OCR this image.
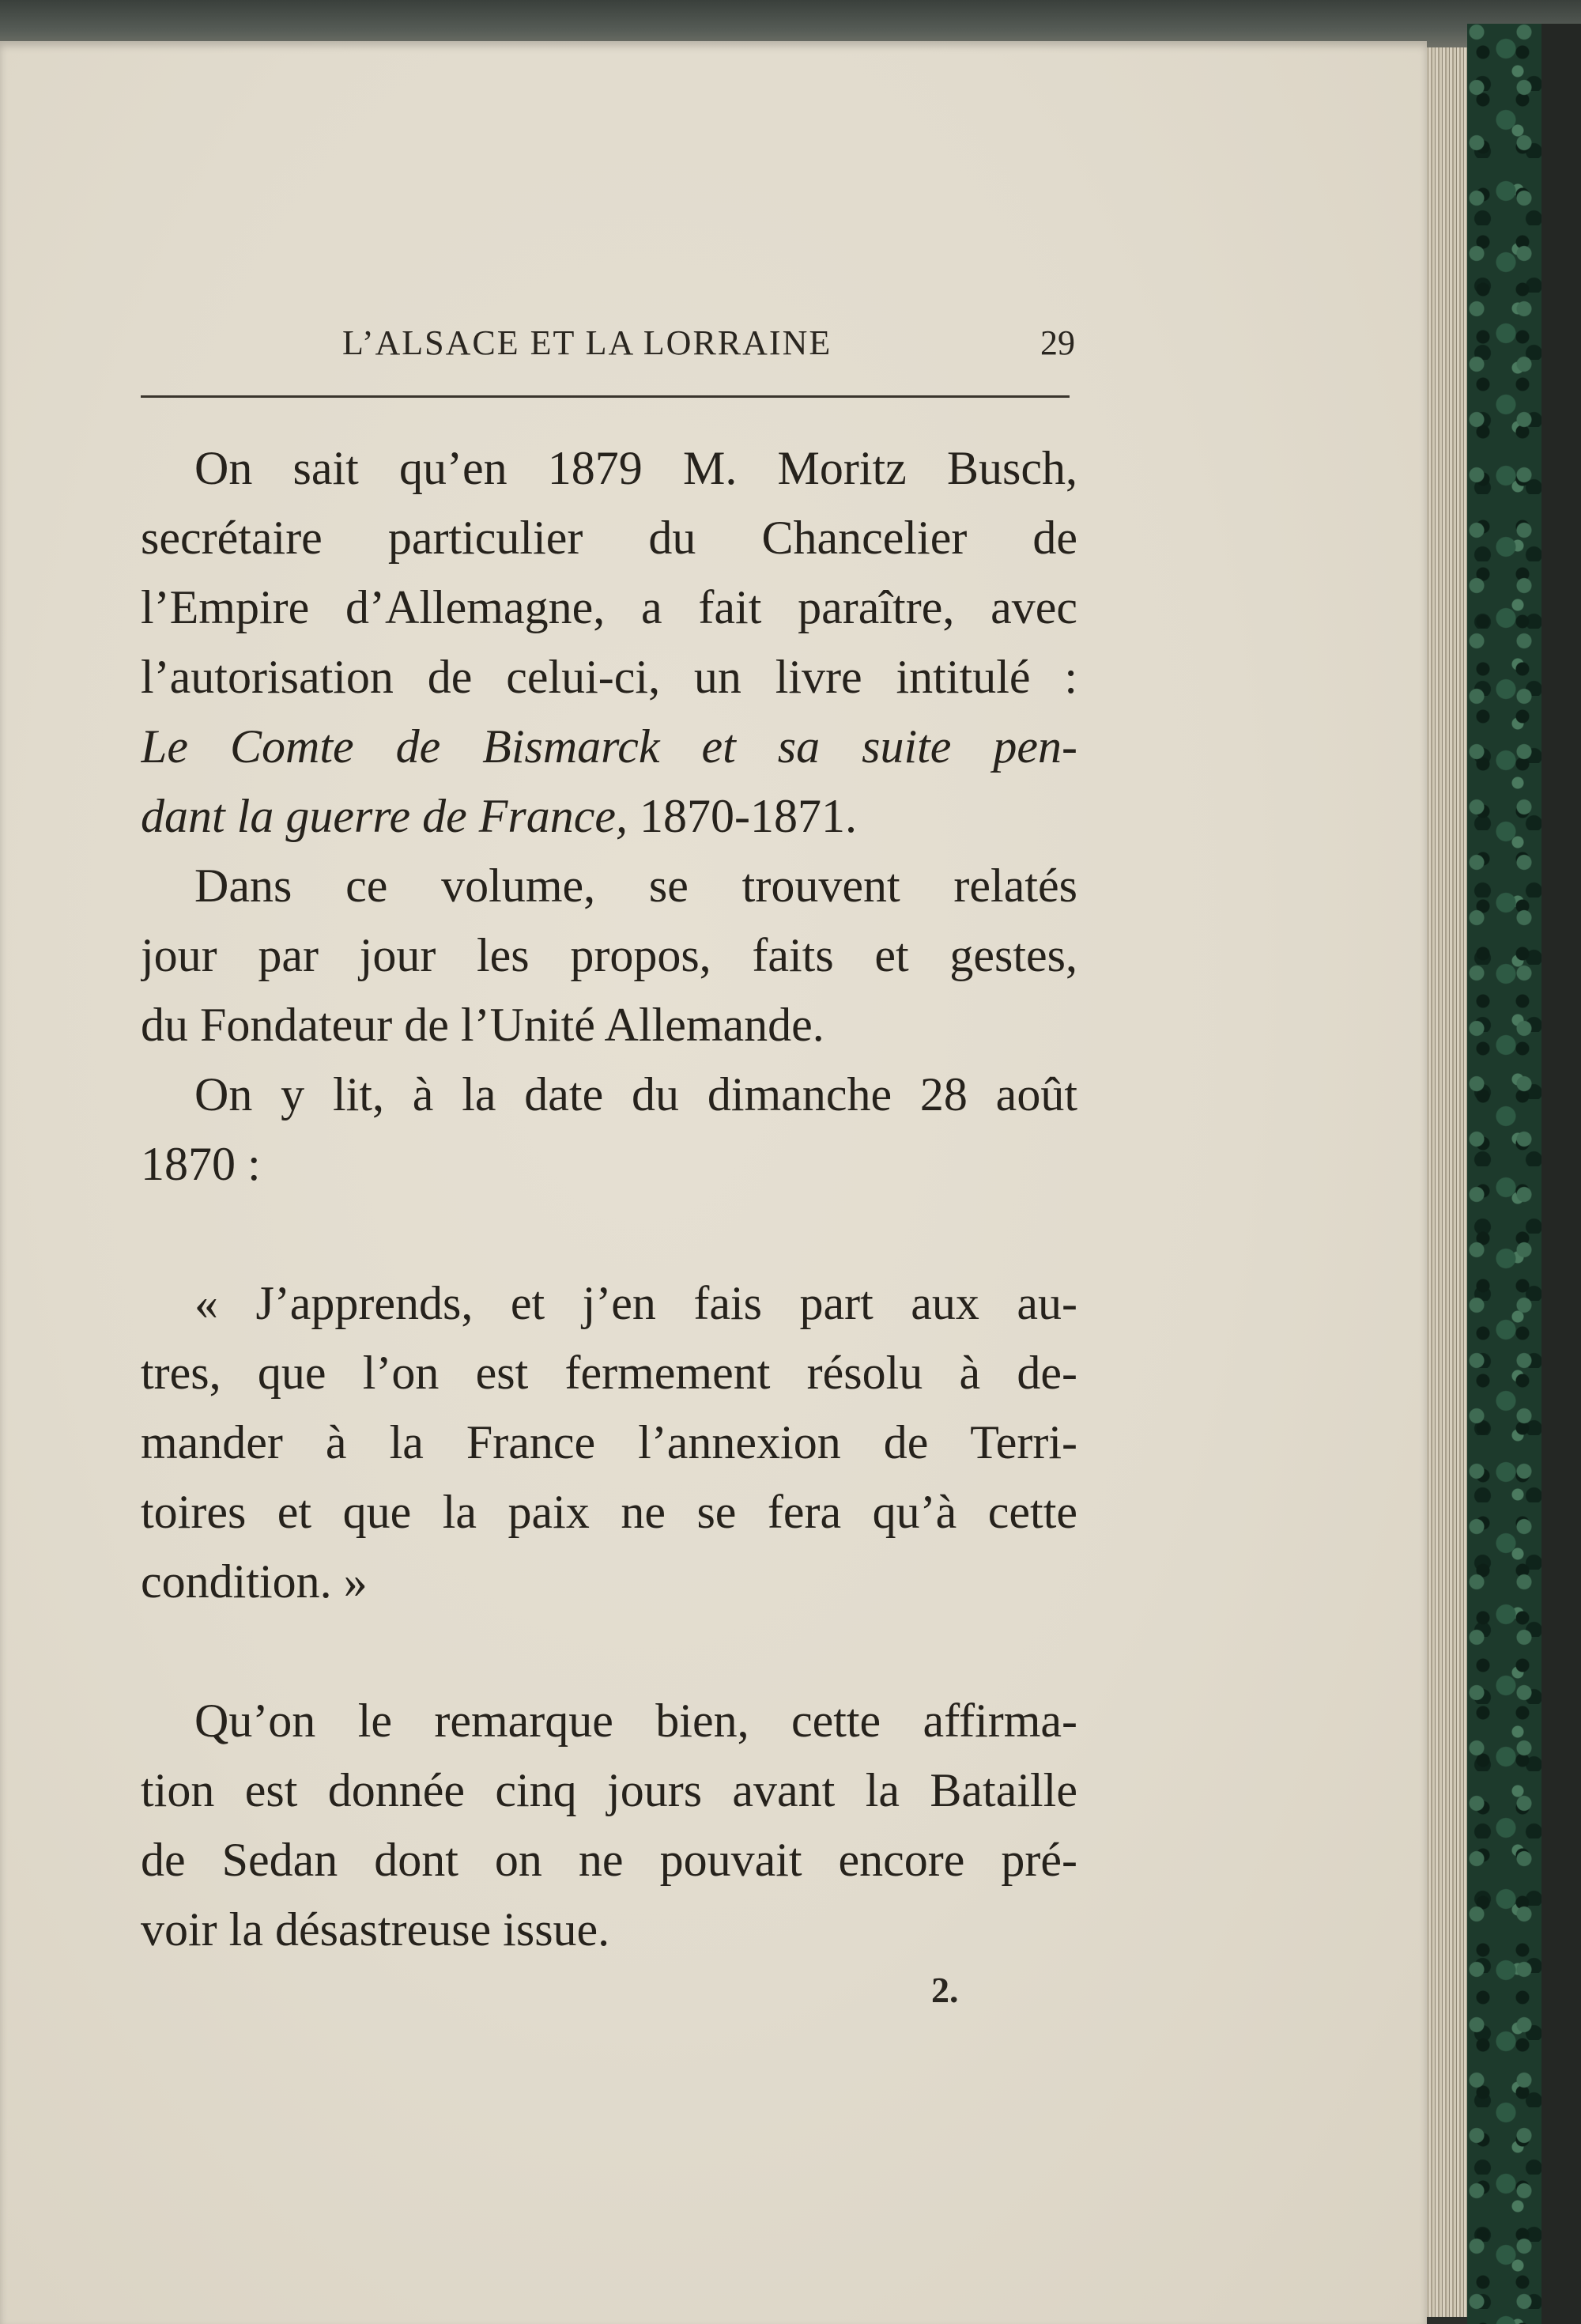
L’ALSACE ET LA LORRAINE	29
On sait qu’en 1879 M. Moritz Busch,
secrétaire particulier du Chancelier de
l’Empire d’Allemagne, a fait paraître, avec
l’autorisation de celui-ci, un livre intitulé :
Le Comte de Bismarck et sa suite pen-
dant la guerre de France, 1870-1871.
Dans ce volume, se trouvent relatés
jour par jour les propos, faits et gestes,
du Fondateur de l’Unité Allemande.
On y lit, à la date du dimanche 28 août
1870 :
« J’apprends, et j’en fais part aux au-
tres, que l’on est fermement résolu à de-
mander à la France l’annexion de Terri-
toires et que la paix ne se fera qu’à cette
condition. »
Qu’on le remarque bien, cette affirma-
tion est donnée cinq jours avant la Bataille
de Sedan dont on ne pouvait encore pré-
voir la désastreuse issue.
2.
